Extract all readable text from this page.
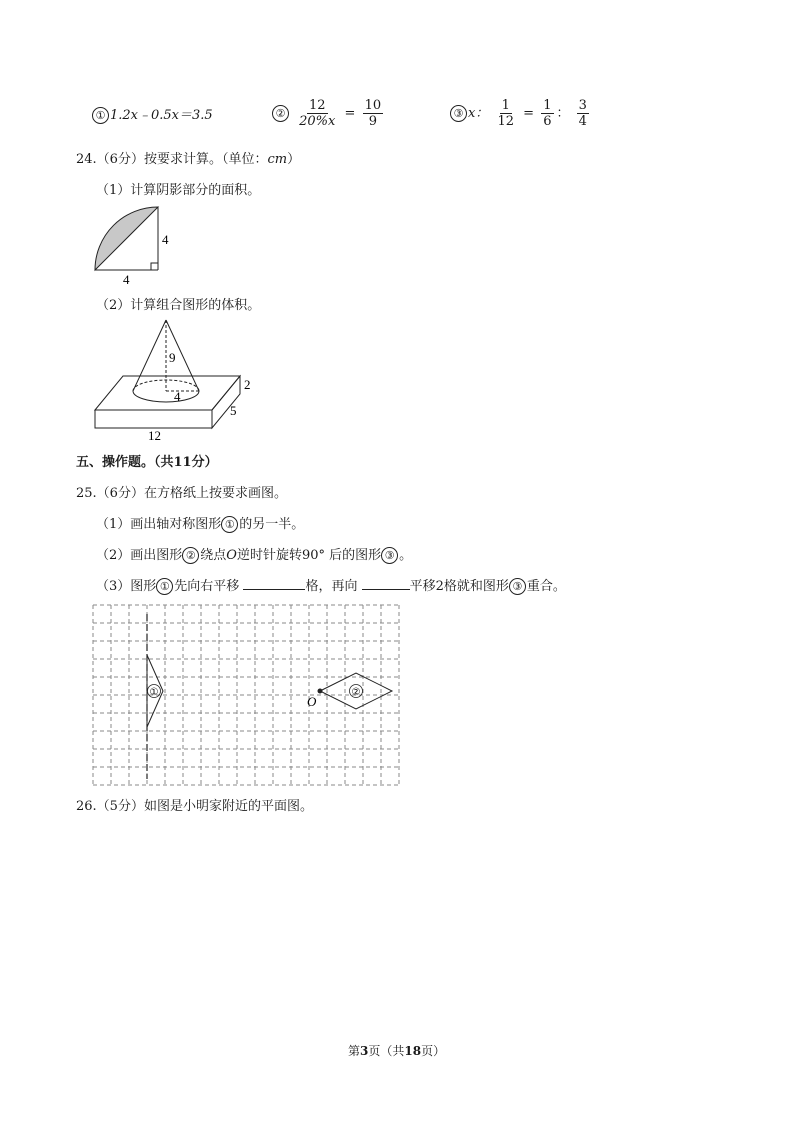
① 1.2x﹣0.5x＝3.5	② $\frac{12}{20\%x} = \frac{10}{9}$	③ x： $\frac{1}{12} = \frac{1}{6}$ ： $\frac{3}{4}$
24.（6分）按要求计算。（单位：cm）
（1）计算阴影部分的面积。
4
4
（2）计算组合图形的体积。
9
4
2
5
12
五、操作题。（共11分）
25.（6分）在方格纸上按要求画图。
（1）画出轴对称图形 ① 的另一半。
（2）画出图形 ② 绕点O逆时针旋转90° 后的图形 ③ 。
（3）图形 ① 先向右平移	格，再向	平移2格就和图形 ③ 重合。
①	②
O
26.（5分）如图是小明家附近的平面图。
第3页（共18页）
